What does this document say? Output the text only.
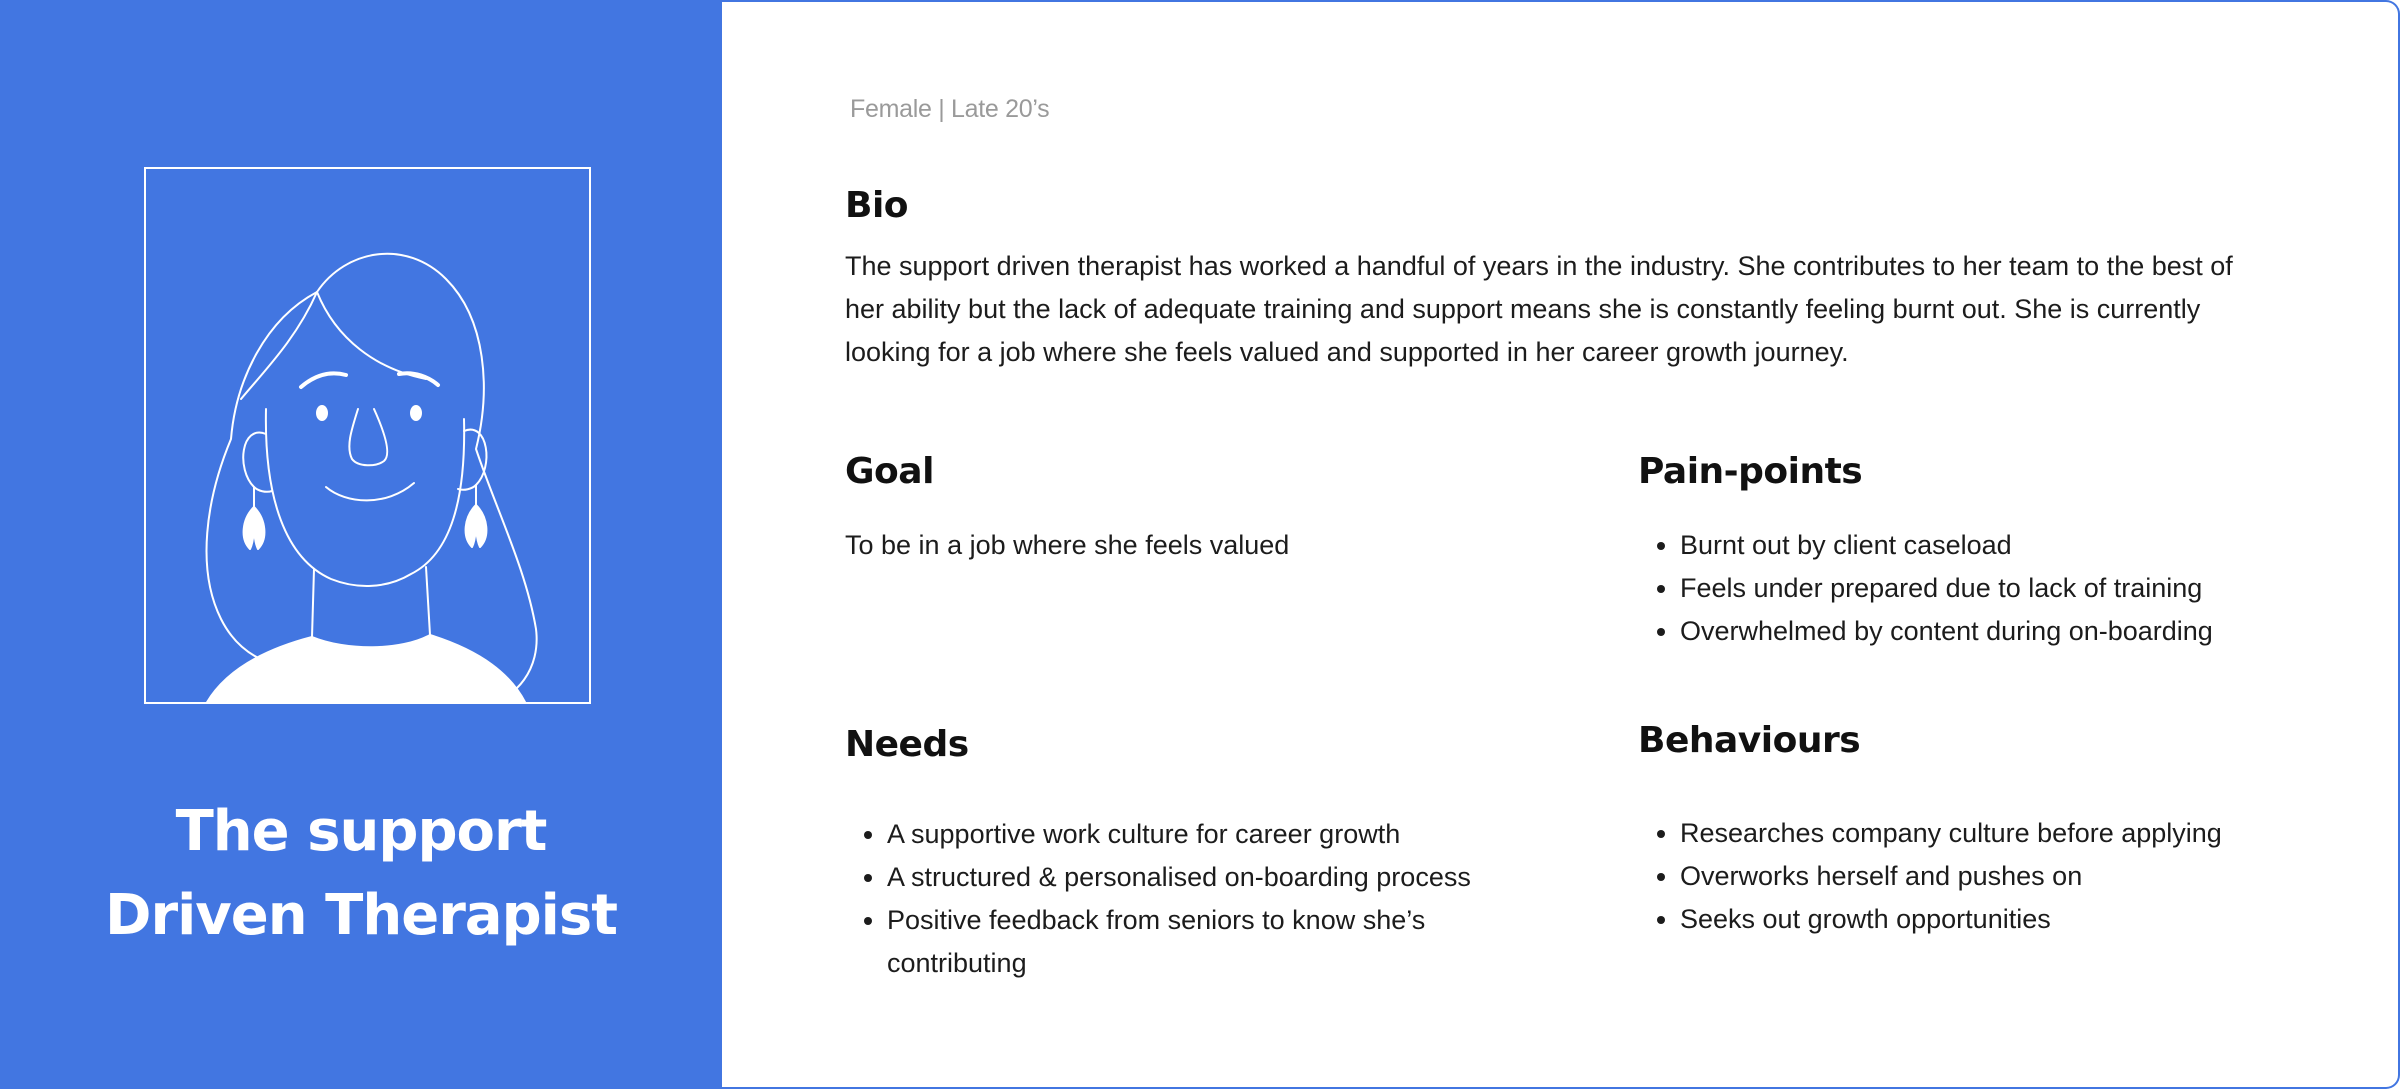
The support
Driven Therapist
Female | Late 20’s
Bio

The support driven therapist has worked a handful of years in the industry. She contributes to her team to the best of her ability but the lack of adequate training and support means she is constantly feeling burnt out. She is currently looking for a job where she feels valued and supported in her career growth journey.

Goal

To be in a job where she feels valued

Pain-points
• Burnt out by client caseload
• Feels under prepared due to lack of training
• Overwhelmed by content during on-boarding
Needs
• A supportive work culture for career growth
• A structured & personalised on-boarding process
• Positive feedback from seniors to know she’s contributing
Behaviours
• Researches company culture before applying
• Overworks herself and pushes on
• Seeks out growth opportunities
